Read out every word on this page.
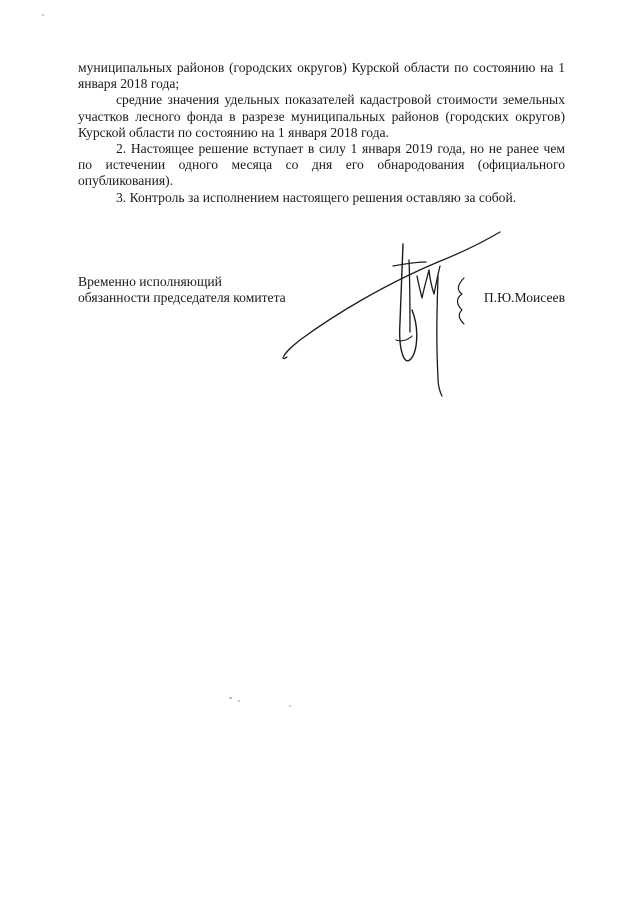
муниципальных районов (городских округов) Курской области по состоянию на 1 января 2018 года;

средние значения удельных показателей кадастровой стоимости земельных участков лесного фонда в разрезе муниципальных районов (городских округов) Курской области по состоянию на 1 января 2018 года.

2. Настоящее решение вступает в силу 1 января 2019 года, но не ранее чем по истечении одного месяца со дня его обнародования (официального опубликования).

3. Контроль за исполнением настоящего решения оставляю за собой.

Временно исполняющий
обязанности председателя комитета	П.Ю.Моисеев
